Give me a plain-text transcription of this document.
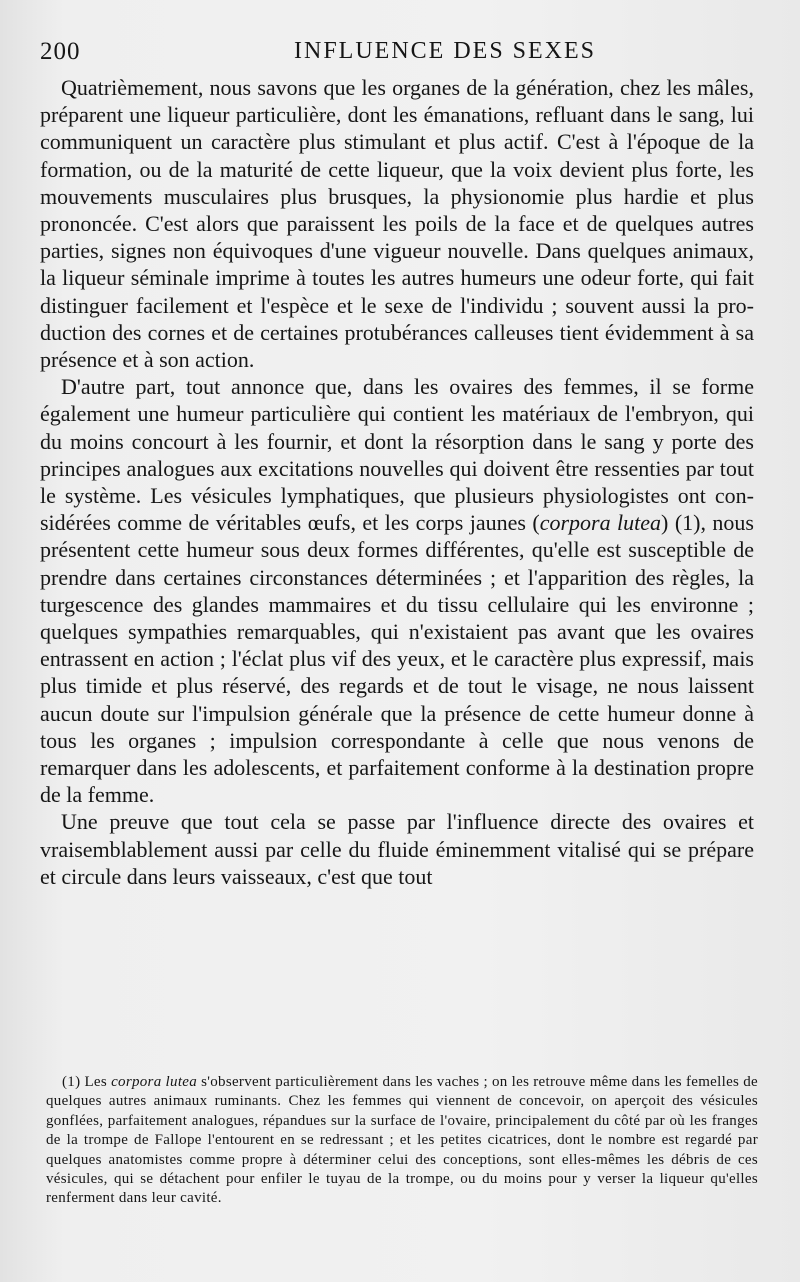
200	INFLUENCE DES SEXES

Quatrièmement, nous savons que les organes de la génération, chez les mâles, préparent une liqueur particulière, dont les émanations, refluant dans le sang, lui communiquent un caractère plus stimulant et plus actif. C'est à l'époque de la formation, ou de la maturité de cette liqueur, que la voix devient plus forte, les mouvements musculaires plus brusques, la physionomie plus hardie et plus prononcée. C'est alors que paraissent les poils de la face et de quelques autres parties, signes non équivoques d'une vigueur nouvelle. Dans quelques animaux, la liqueur séminale imprime à toutes les autres humeurs une odeur forte, qui fait distinguer facilement et l'espèce et le sexe de l'individu ; souvent aussi la production des cornes et de certaines protubérances calleuses tient évidemment à sa présence et à son action.

D'autre part, tout annonce que, dans les ovaires des femmes, il se forme également une humeur particulière qui contient les matériaux de l'embryon, qui du moins concourt à les fournir, et dont la résorption dans le sang y porte des principes analogues aux excitations nouvelles qui doivent être ressenties par tout le système. Les vésicules lymphatiques, que plusieurs physiologistes ont considérées comme de véritables œufs, et les corps jaunes (corpora lutea) (1), nous présentent cette humeur sous deux formes différentes, qu'elle est susceptible de prendre dans certaines circonstances déterminées ; et l'apparition des règles, la turgescence des glandes mammaires et du tissu cellulaire qui les environne ; quelques sympathies remarquables, qui n'existaient pas avant que les ovaires entrassent en action ; l'éclat plus vif des yeux, et le caractère plus expressif, mais plus timide et plus réservé, des regards et de tout le visage, ne nous laissent aucun doute sur l'impulsion générale que la présence de cette humeur donne à tous les organes ; impulsion correspondante à celle que nous venons de remarquer dans les adolescents, et parfaitement conforme à la destination propre de la femme.

Une preuve que tout cela se passe par l'influence directe des ovaires et vraisemblablement aussi par celle du fluide éminemment vitalisé qui se prépare et circule dans leurs vaisseaux, c'est que tout

(1) Les corpora lutea s'observent particulièrement dans les vaches ; on les retrouve même dans les femelles de quelques autres animaux ruminants. Chez les femmes qui viennent de concevoir, on aperçoit des vésicules gonflées, parfaitement analogues, répandues sur la surface de l'ovaire, principalement du côté par où les franges de la trompe de Fallope l'entourent en se redressant ; et les petites cicatrices, dont le nombre est regardé par quelques anatomistes comme propre à déterminer celui des conceptions, sont elles-mêmes les débris de ces vésicules, qui se détachent pour enfiler le tuyau de la trompe, ou du moins pour y verser la liqueur qu'elles renferment dans leur cavité.
